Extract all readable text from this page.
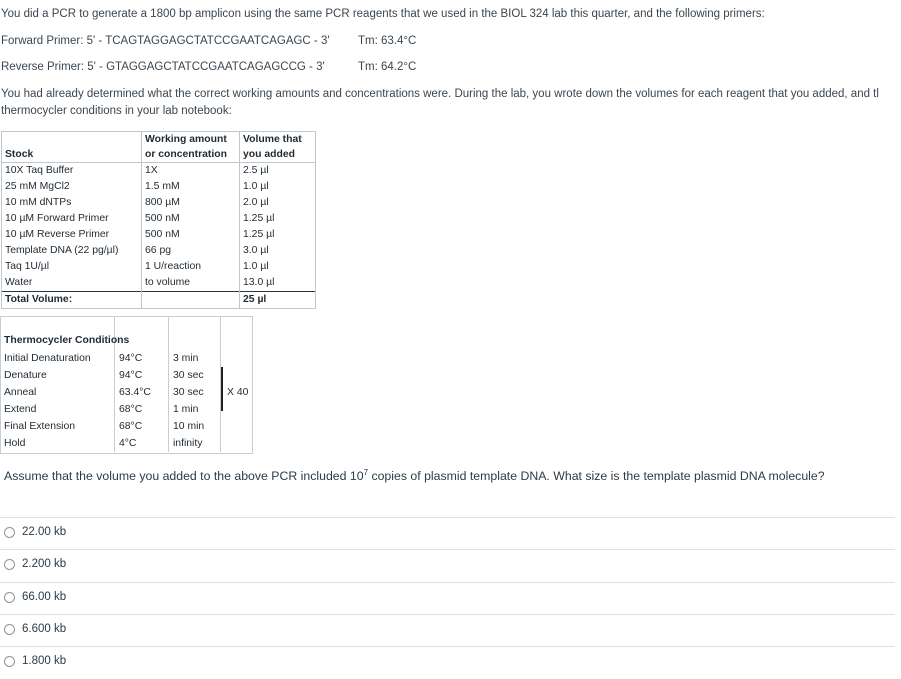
You did a PCR to generate a 1800 bp amplicon using the same PCR reagents that we used in the BIOL 324 lab this quarter, and the following primers:
Forward Primer: 5' - TCAGTAGGAGCTATCCGAATCAGAGC - 3' Tm: 63.4°C
Reverse Primer: 5' - GTAGGAGCTATCCGAATCAGAGCCG - 3'	Tm: 64.2°C
You had already determined what the correct working amounts and concentrations were. During the lab, you wrote down the volumes for each reagent that you added, and tl
thermocycler conditions in your lab notebook:
	Working amount	Volume that
Stock	or concentration	you added
10X Taq Buffer	1X	2.5 µl
25 mM MgCl2	1.5 mM	1.0 µl
10 mM dNTPs	800 µM	2.0 µl
10 µM Forward Primer	500 nM	1.25 µl
10 µM Reverse Primer	500 nM	1.25 µl
Template DNA (22 pg/µl)	66 pg	3.0 µl
Taq 1U/µl	1 U/reaction	1.0 µl
Water	to volume	13.0 µl
Total Volume:		25 µl
Thermocycler Conditions
Initial Denaturation	94°C	3 min	
Denature	94°C	30 sec	
Anneal	63.4°C	30 sec	X 40
Extend	68°C	1 min	
Final Extension	68°C	10 min	
Hold	4°C	infinity	
Assume that the volume you added to the above PCR included $10^7$ copies of plasmid template DNA. What size is the template plasmid DNA molecule?
22.00 kb
2.200 kb
66.00 kb
6.600 kb
1.800 kb
